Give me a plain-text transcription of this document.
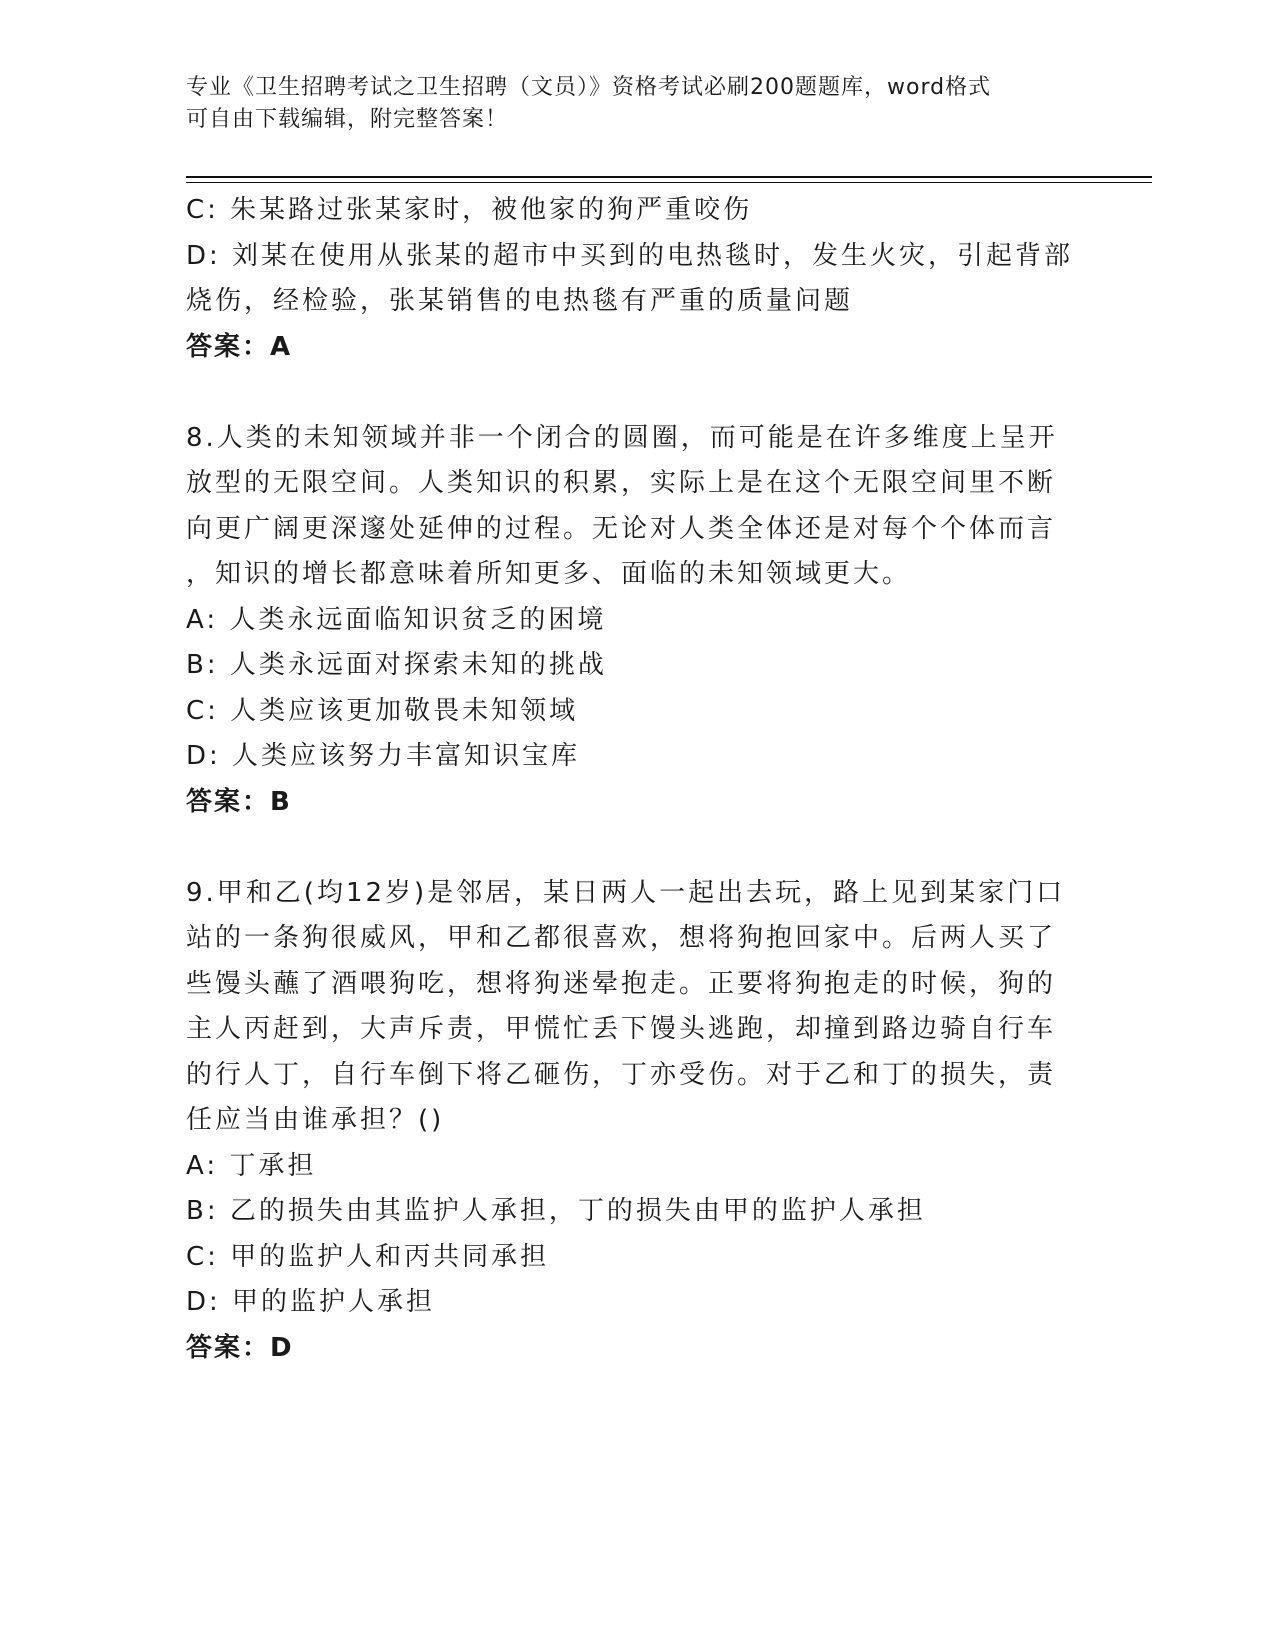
专业《卫生招聘考试之卫生招聘（文员）》资格考试必刷200题题库，word格式
可自由下载编辑，附完整答案！
C: 朱某路过张某家时，被他家的狗严重咬伤
D: 刘某在使用从张某的超市中买到的电热毯时，发生火灾，引起背部
烧伤，经检验，张某销售的电热毯有严重的质量问题
答案：A
8.人类的未知领域并非一个闭合的圆圈，而可能是在许多维度上呈开
放型的无限空间。人类知识的积累，实际上是在这个无限空间里不断
向更广阔更深邃处延伸的过程。无论对人类全体还是对每个个体而言
，知识的增长都意味着所知更多、面临的未知领域更大。
A: 人类永远面临知识贫乏的困境
B: 人类永远面对探索未知的挑战
C: 人类应该更加敬畏未知领域
D: 人类应该努力丰富知识宝库
答案：B
9.甲和乙(均12岁)是邻居，某日两人一起出去玩，路上见到某家门口
站的一条狗很威风，甲和乙都很喜欢，想将狗抱回家中。后两人买了
些馒头蘸了酒喂狗吃，想将狗迷晕抱走。正要将狗抱走的时候，狗的
主人丙赶到，大声斥责，甲慌忙丢下馒头逃跑，却撞到路边骑自行车
的行人丁，自行车倒下将乙砸伤，丁亦受伤。对于乙和丁的损失，责
任应当由谁承担？()
A: 丁承担
B: 乙的损失由其监护人承担，丁的损失由甲的监护人承担
C: 甲的监护人和丙共同承担
D: 甲的监护人承担
答案：D
